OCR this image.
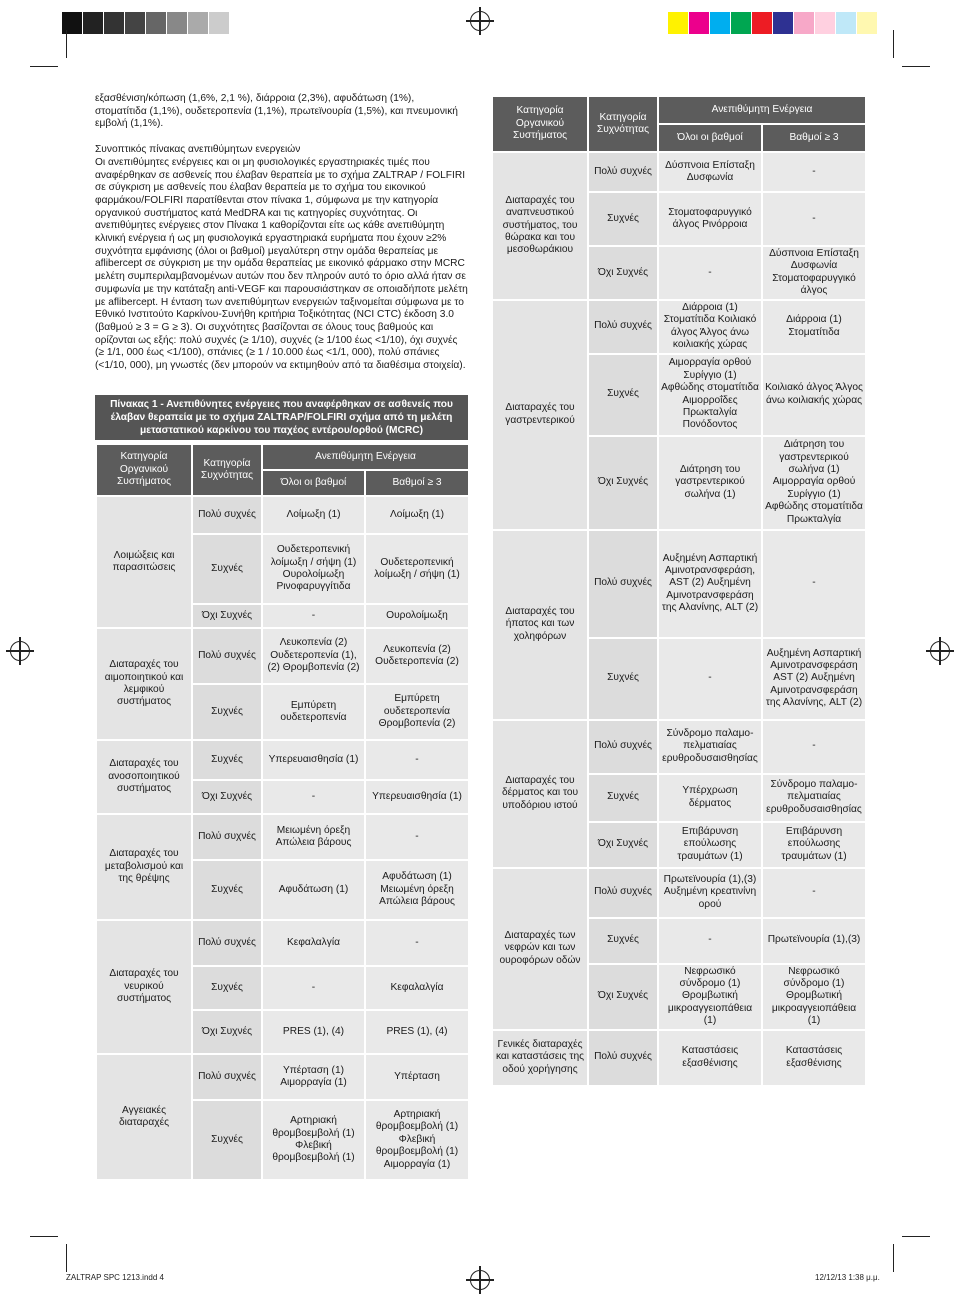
εξασθένιση/κόπωση (1,6%, 2,1 %), διάρροια (2,3%), αφυδάτωση (1%), στοματίτιδα (1,1%), ουδετεροπενία (1,1%), πρωτεϊνουρία (1,5%), και πνευμονική εμβολή (1,1%).

Συνοπτικός πίνακας ανεπιθύμητων ενεργειών

Οι ανεπιθύμητες ενέργειες και οι μη φυσιολογικές εργαστηριακές τιμές που αναφέρθηκαν σε ασθενείς που έλαβαν θεραπεία με το σχήμα ZALTRAP / FOLFIRI σε σύγκριση με ασθενείς που έλαβαν θεραπεία με το σχήμα του εικονικού φαρμάκου/FOLFIRI παρατίθενται στον πίνακα 1, σύμφωνα με την κατηγορία οργανικού συστήματος κατά MedDRA και τις κατηγορίες συχνότητας. Οι ανεπιθύμητες ενέργειες στον Πίνακα 1 καθορίζονται είτε ως κάθε ανεπιθύμητη κλινική ενέργεια ή ως μη φυσιολογικά εργαστηριακά ευρήματα που έχουν ≥2% συχνότητα εμφάνισης (όλοι οι βαθμοί) μεγαλύτερη στην ομάδα θεραπείας με aflibercept σε σύγκριση με την ομάδα θεραπείας με εικονικό φάρμακο στην MCRC μελέτη συμπεριλαμβανομένων αυτών που δεν πληρούν αυτό το όριο αλλά ήταν σε συμφωνία με την κατάταξη anti-VEGF και παρουσιάστηκαν σε οποιαδήποτε μελέτη με aflibercept. Η ένταση των ανεπιθύμητων ενεργειών ταξινομείται σύμφωνα με το Εθνικό Ινστιτούτο Καρκίνου-Συνήθη κριτήρια Τοξικότητας (NCI CTC) έκδοση 3.0 (βαθμού ≥ 3 = G ≥ 3). Οι συχνότητες βασίζονται σε όλους τους βαθμούς και ορίζονται ως εξής: πολύ συχνές (≥ 1/10), συχνές (≥ 1/100 έως <1/10), όχι συχνές (≥ 1/1, 000 έως <1/100), σπάνιες (≥ 1 / 10.000 έως <1/1, 000), πολύ σπάνιες (<1/10, 000), μη γνωστές (δεν μπορούν να εκτιμηθούν από τα διαθέσιμα στοιχεία).

Πίνακας 1 - Ανεπιθύνητες ενέργειες που αναφέρθηκαν σε ασθενείς που έλαβαν θεραπεία με το σχήμα ZALTRAP/FOLFIRI σχήμα από τη μελέτη μεταστατικού καρκίνου του παχέος εντέρου/ορθού (MCRC)
Κατηγορία Οργανικού Συστήματος	Κατηγορία Συχνότητας	Ανεπιθύμητη Ενέργεια	
		Όλοι οι βαθμοί	Βαθμοί ≥ 3
Λοιμώξεις και παρασιτώσεις	Πολύ συχνές	Λοίμωξη (1)	Λοίμωξη (1)
	Συχνές	Ουδετεροπενική λοίμωξη / σήψη (1) Ουρολοίμωξη Ρινοφαρυγγίτιδα	Ουδετεροπενική λοίμωξη / σήψη (1)
	Όχι Συχνές	-	Ουρολοίμωξη
Διαταραχές του αιμοποιητικού και λεμφικού συστήματος	Πολύ συχνές	Λευκοπενία (2) Ουδετεροπενία (1), (2) Θρομβοπενία (2)	Λευκοπενία (2) Ουδετεροπενία (2)
	Συχνές	Εμπύρετη ουδετεροπενία	Εμπύρετη ουδετεροπενία Θρομβοπενία (2)
Διαταραχές του ανοσοποιητικού συστήματος	Συχνές	Υπερευαισθησία (1)	-
	Όχι Συχνές	-	Υπερευαισθησία (1)
Διαταραχές του μεταβολισμού και της θρέψης	Πολύ συχνές	Μειωμένη όρεξη Απώλεια βάρους	-
	Συχνές	Αφυδάτωση (1)	Αφυδάτωση (1) Μειωμένη όρεξη Απώλεια βάρους
Διαταραχές του νευρικού συστήματος	Πολύ συχνές	Κεφαλαλγία	-
	Συχνές	-	Κεφαλαλγία
	Όχι Συχνές	PRES (1), (4)	PRES (1), (4)
Αγγειακές διαταραχές	Πολύ συχνές	Υπέρταση (1) Αιμορραγία (1)	Υπέρταση
	Συχνές	Αρτηριακή θρομβοεμβολή (1) Φλεβική θρομβοεμβολή (1)	Αρτηριακή θρομβοεμβολή (1) Φλεβική θρομβοεμβολή (1) Αιμορραγία (1)
Κατηγορία Οργανικού Συστήματος	Κατηγορία Συχνότητας	Ανεπιθύμητη Ενέργεια	
		Όλοι οι βαθμοί	Βαθμοί ≥ 3
Διαταραχές του αναπνευστικού συστήματος, του θώρακα και του μεσοθωράκιου	Πολύ συχνές	Δύσπνοια Επίσταξη Δυσφωνία	-
	Συχνές	Στοματοφαρυγγικό άλγος Ρινόρροια	-
	Όχι Συχνές	-	Δύσπνοια Επίσταξη Δυσφωνία Στοματοφαρυγγικό άλγος
Διαταραχές του γαστρεντερικού	Πολύ συχνές	Διάρροια (1) Στοματίτιδα Κοιλιακό άλγος Άλγος άνω κοιλιακής χώρας	Διάρροια (1) Στοματίτιδα
	Συχνές	Αιμορραγία ορθού Συρίγγιο (1) Αφθώδης στοματίτιδα Αιμορροΐδες Πρωκταλγία Πονόδοντος	Κοιλιακό άλγος Άλγος άνω κοιλιακής χώρας
	Όχι Συχνές	Διάτρηση του γαστρεντερικού σωλήνα (1)	Διάτρηση του γαστρεντερικού σωλήνα (1) Αιμορραγία ορθού Συρίγγιο (1) Αφθώδης στοματίτιδα Πρωκταλγία
Διαταραχές του ήπατος και των χοληφόρων	Πολύ συχνές	Αυξημένη Ασπαρτική Αμινοτρανσφεράση, AST (2) Αυξημένη Αμινοτρανσφεράση της Αλανίνης, ALT (2)	-
	Συχνές	-	Αυξημένη Ασπαρτική Αμινοτρανσφεράση AST (2) Αυξημένη Αμινοτρανσφεράση της Αλανίνης, ALT (2)
Διαταραχές του δέρματος και του υποδόριου ιστού	Πολύ συχνές	Σύνδρομο παλαμο-πελματιαίας ερυθροδυσαισθησίας	-
	Συχνές	Υπέρχρωση δέρματος	Σύνδρομο παλαμο-πελματιαίας ερυθροδυσαισθησίας
	Όχι Συχνές	Επιβάρυνση επούλωσης τραυμάτων (1)	Επιβάρυνση επούλωσης τραυμάτων (1)
Διαταραχές των νεφρών και των ουροφόρων οδών	Πολύ συχνές	Πρωτεϊνουρία (1),(3) Αυξημένη κρεατινίνη ορού	-
	Συχνές	-	Πρωτεϊνουρία (1),(3)
	Όχι Συχνές	Νεφρωσικό σύνδρομο (1) Θρομβωτική μικροαγγειοπάθεια (1)	Νεφρωσικό σύνδρομο (1) Θρομβωτική μικροαγγειοπάθεια (1)
Γενικές διαταραχές και καταστάσεις της οδού χορήγησης	Πολύ συχνές	Καταστάσεις εξασθένισης	Καταστάσεις εξασθένισης
ZALTRAP SPC 1213.indd 4	12/12/13 1:38 μ.μ.
